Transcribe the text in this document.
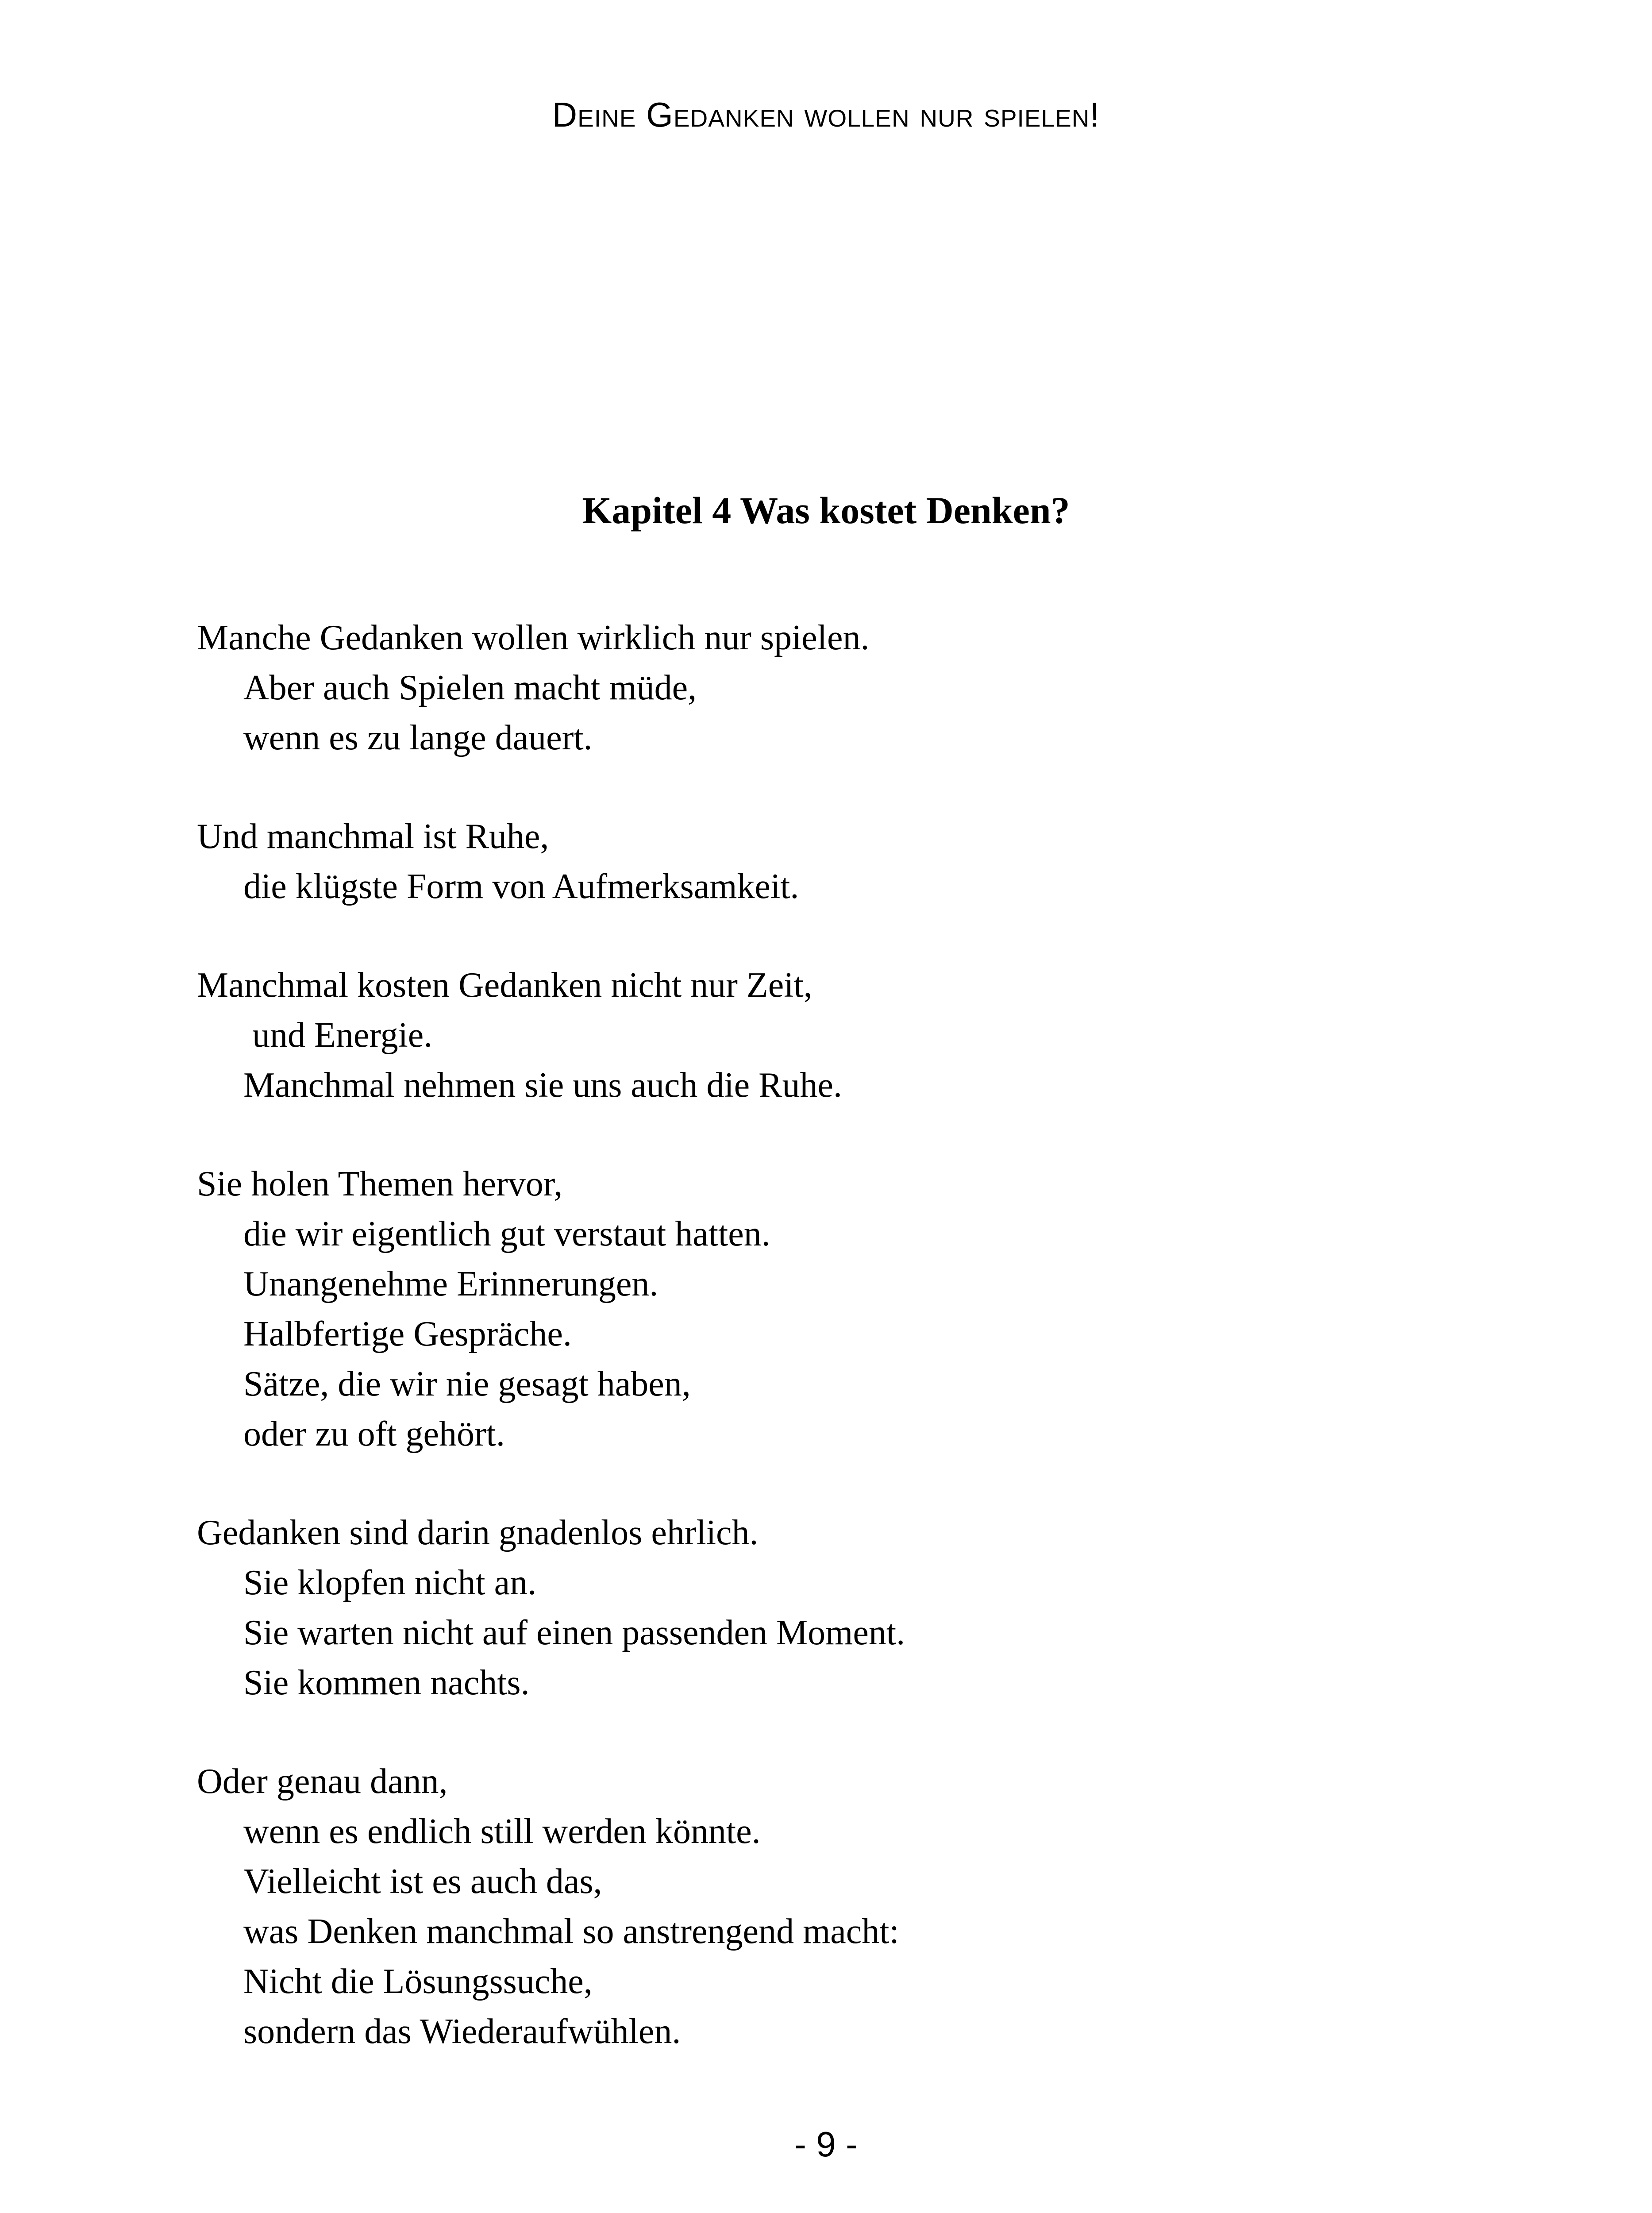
Deine Gedanken wollen nur spielen!
Kapitel 4 Was kostet Denken?
Manche Gedanken wollen wirklich nur spielen.
Aber auch Spielen macht müde,
wenn es zu lange dauert.
Und manchmal ist Ruhe,
die klügste Form von Aufmerksamkeit.
Manchmal kosten Gedanken nicht nur Zeit,
und Energie.
Manchmal nehmen sie uns auch die Ruhe.
Sie holen Themen hervor,
die wir eigentlich gut verstaut hatten.
Unangenehme Erinnerungen.
Halbfertige Gespräche.
Sätze, die wir nie gesagt haben,
oder zu oft gehört.
Gedanken sind darin gnadenlos ehrlich.
Sie klopfen nicht an.
Sie warten nicht auf einen passenden Moment.
Sie kommen nachts.
Oder genau dann,
wenn es endlich still werden könnte.
Vielleicht ist es auch das,
was Denken manchmal so anstrengend macht:
Nicht die Lösungssuche,
sondern das Wiederaufwühlen.
- 9 -
